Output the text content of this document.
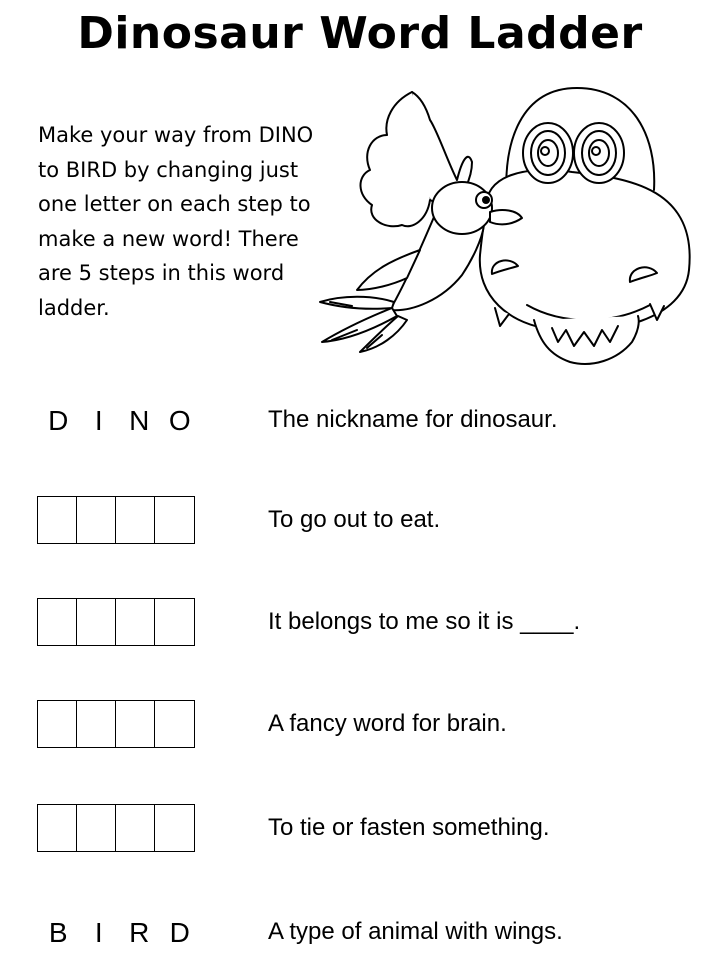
Dinosaur Word Ladder
Make your way from DINO to BIRD by changing just one letter on each step to make a new word! There are 5 steps in this word ladder.
D I N O	The nickname for dinosaur.
To go out to eat.
It belongs to me so it is ____.
A fancy word for brain.
To tie or fasten something.
B I R D	A type of animal with wings.
